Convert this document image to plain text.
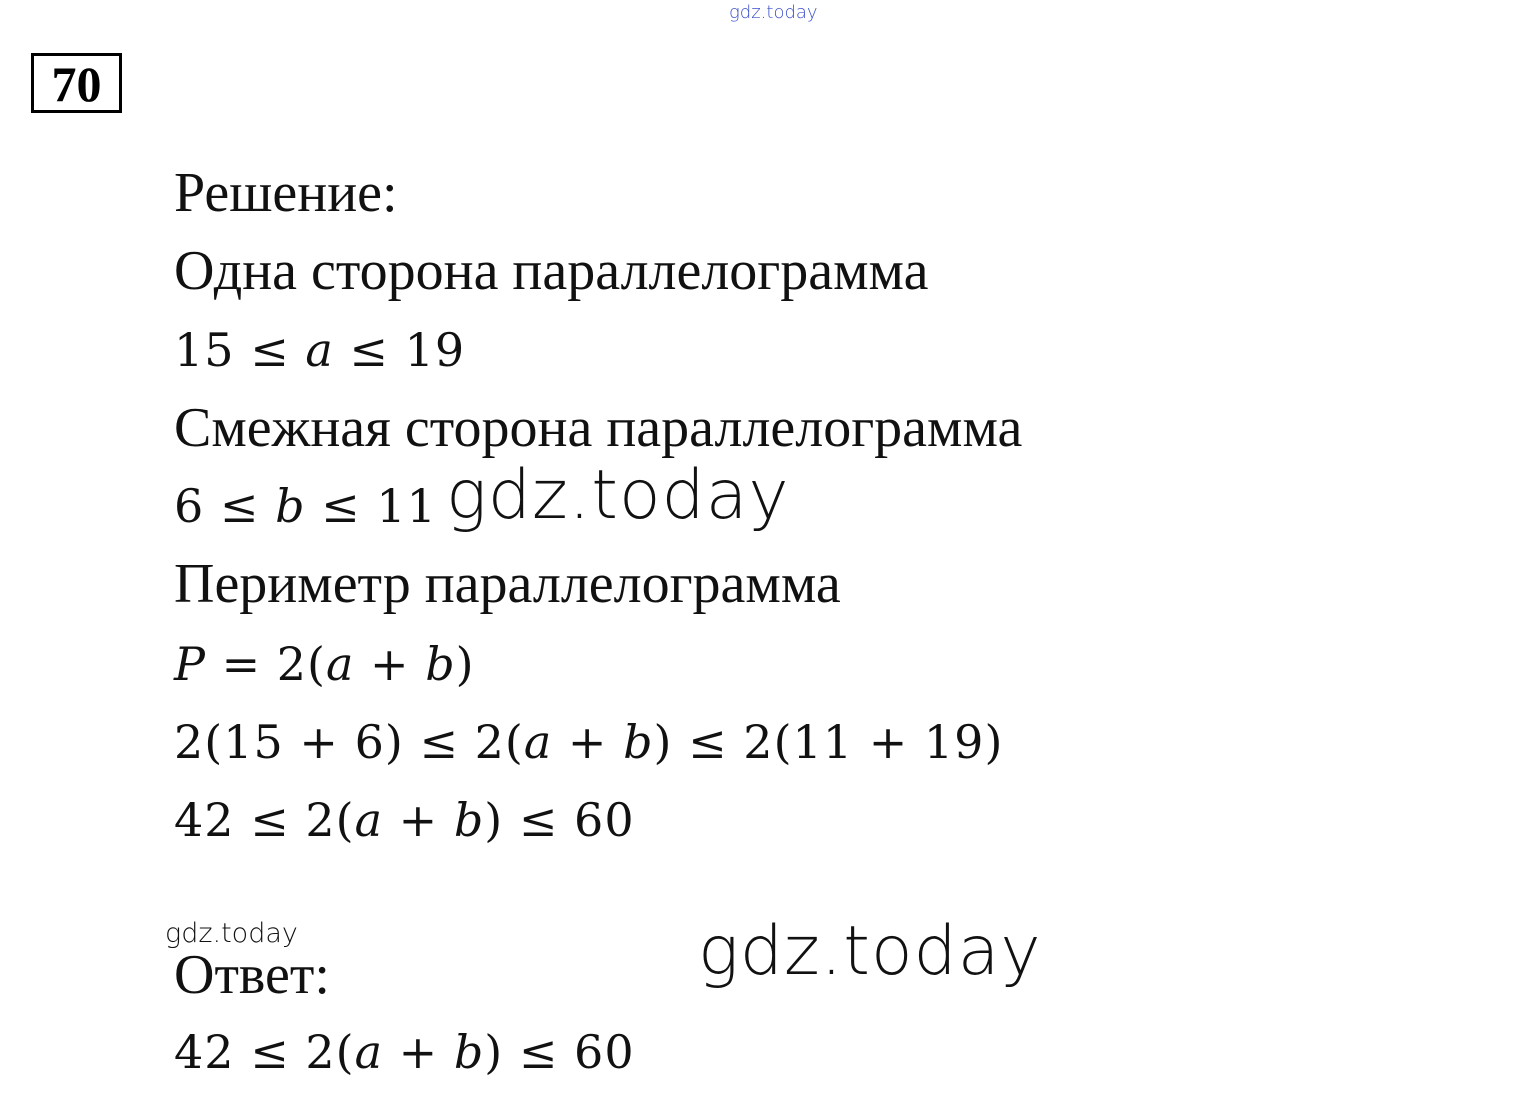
gdz.today
70
Решение:
Одна сторона параллелограмма
15 ≤ a ≤ 19
Смежная сторона параллелограмма
6 ≤ b ≤ 11
Периметр параллелограмма
P = 2(a + b)
2(15 + 6) ≤ 2(a + b) ≤ 2(11 + 19)
42 ≤ 2(a + b) ≤ 60
gdz.today
gdz.today
Ответ:	gdz.today
42 ≤ 2(a + b) ≤ 60
